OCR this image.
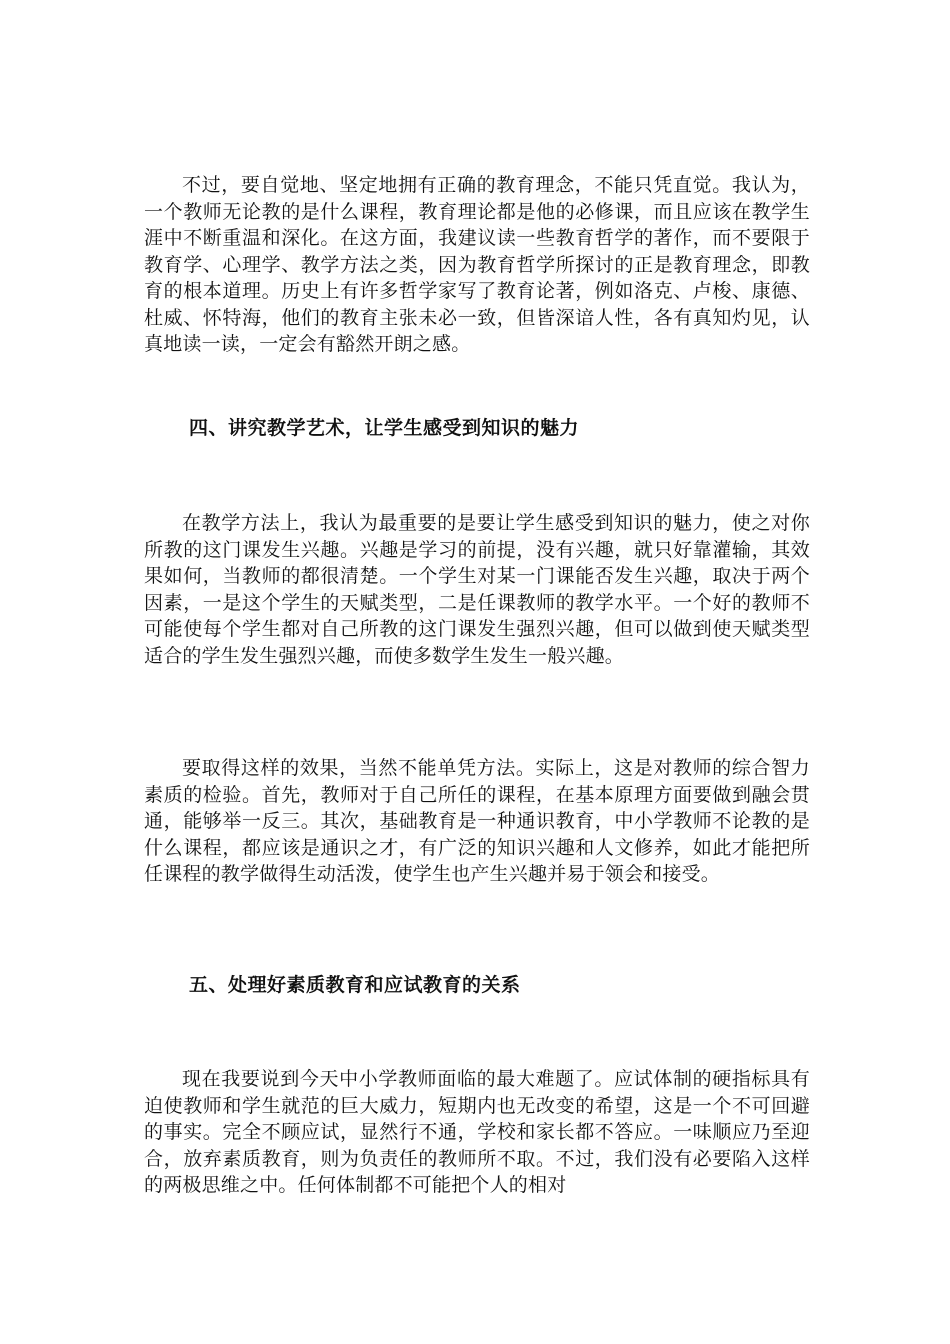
不过，要自觉地、坚定地拥有正确的教育理念，不能只凭直觉。我认为，一个教师无论教的是什么课程，教育理论都是他的必修课，而且应该在教学生涯中不断重温和深化。在这方面，我建议读一些教育哲学的著作，而不要限于教育学、心理学、教学方法之类，因为教育哲学所探讨的正是教育理念，即教育的根本道理。历史上有许多哲学家写了教育论著，例如洛克、卢梭、康德、杜威、怀特海，他们的教育主张未必一致，但皆深谙人性，各有真知灼见，认真地读一读，一定会有豁然开朗之感。

四、讲究教学艺术，让学生感受到知识的魅力

在教学方法上，我认为最重要的是要让学生感受到知识的魅力，使之对你所教的这门课发生兴趣。兴趣是学习的前提，没有兴趣，就只好靠灌输，其效果如何，当教师的都很清楚。一个学生对某一门课能否发生兴趣，取决于两个因素，一是这个学生的天赋类型，二是任课教师的教学水平。一个好的教师不可能使每个学生都对自己所教的这门课发生强烈兴趣，但可以做到使天赋类型适合的学生发生强烈兴趣，而使多数学生发生一般兴趣。

要取得这样的效果，当然不能单凭方法。实际上，这是对教师的综合智力素质的检验。首先，教师对于自己所任的课程，在基本原理方面要做到融会贯通，能够举一反三。其次，基础教育是一种通识教育，中小学教师不论教的是什么课程，都应该是通识之才，有广泛的知识兴趣和人文修养，如此才能把所任课程的教学做得生动活泼，使学生也产生兴趣并易于领会和接受。

五、处理好素质教育和应试教育的关系

现在我要说到今天中小学教师面临的最大难题了。应试体制的硬指标具有迫使教师和学生就范的巨大威力，短期内也无改变的希望，这是一个不可回避的事实。完全不顾应试，显然行不通，学校和家长都不答应。一味顺应乃至迎合，放弃素质教育，则为负责任的教师所不取。不过，我们没有必要陷入这样的两极思维之中。任何体制都不可能把个人的相对
